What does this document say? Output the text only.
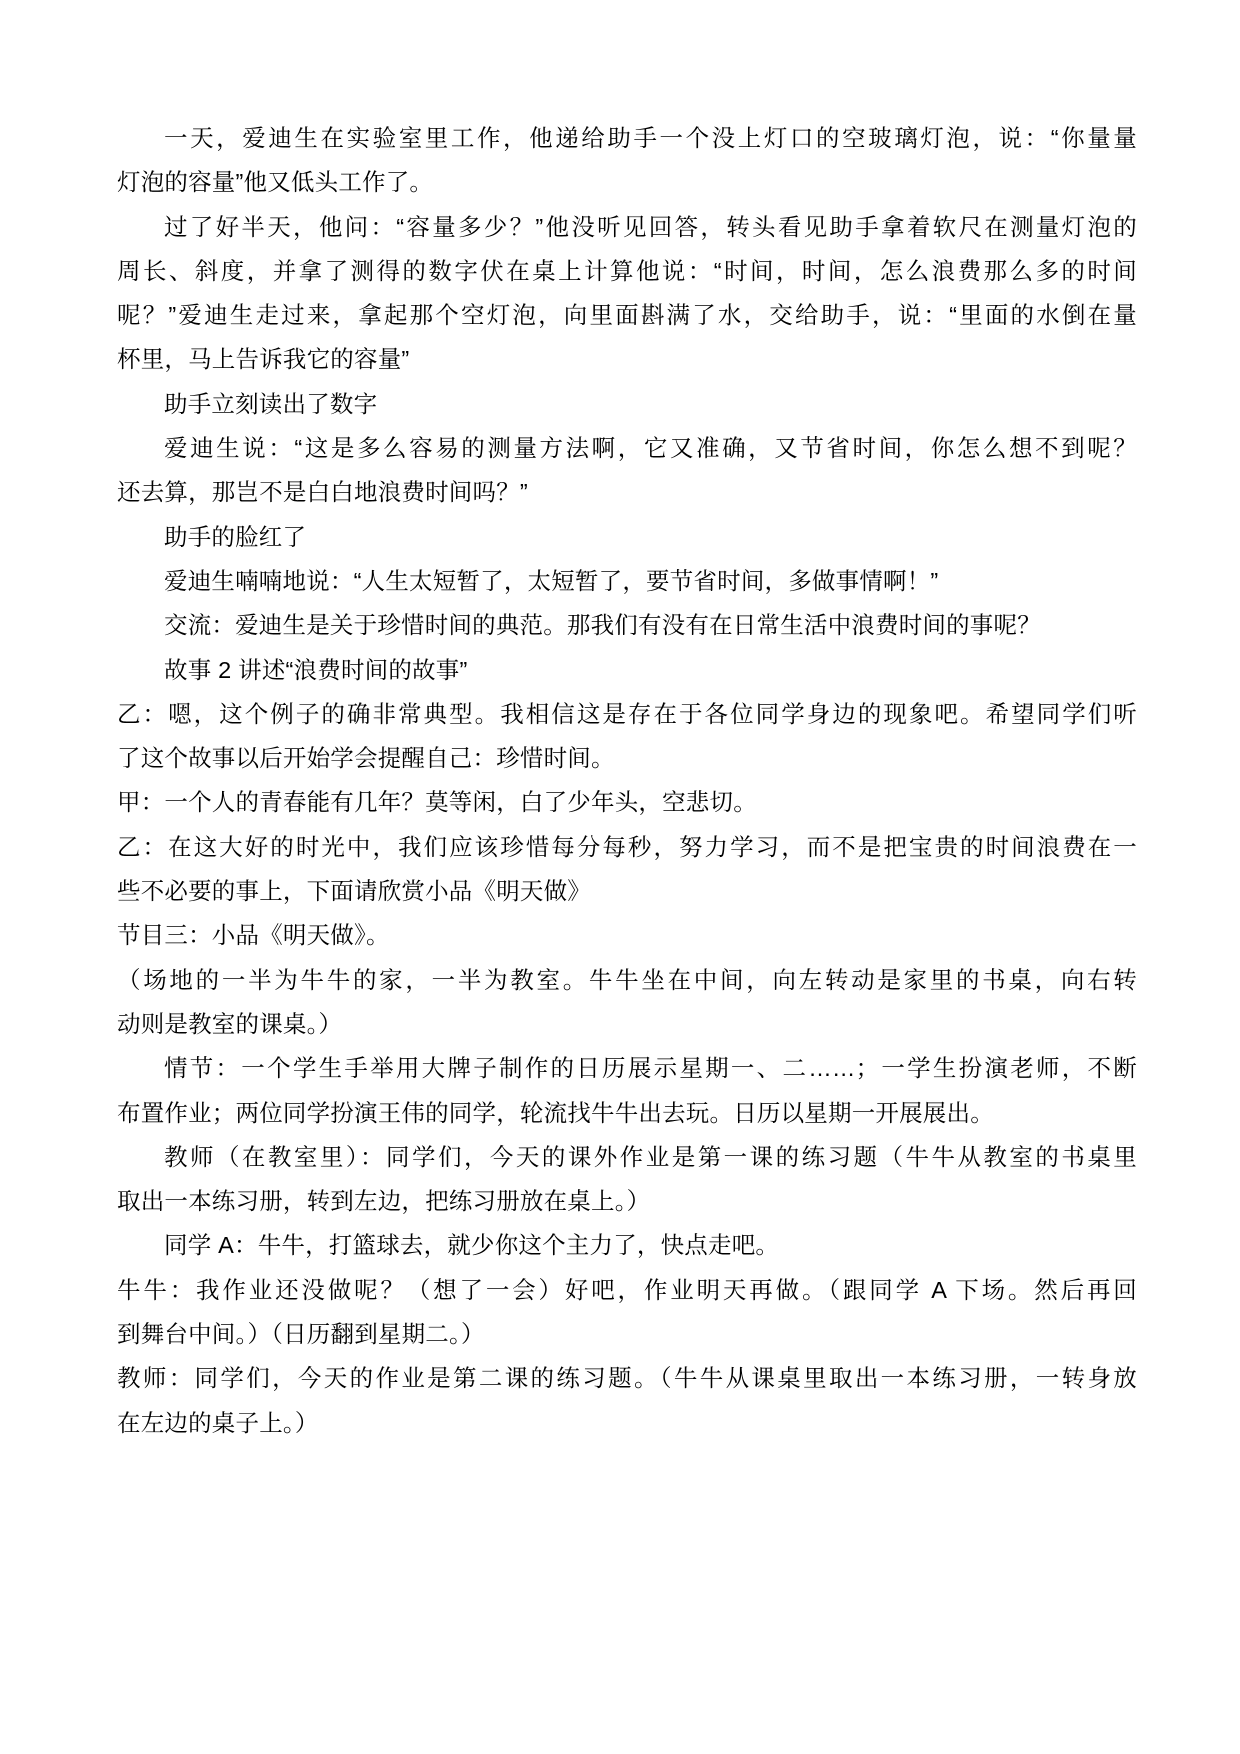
一天，爱迪生在实验室里工作，他递给助手一个没上灯口的空玻璃灯泡，说：“你量量
灯泡的容量”他又低头工作了。
过了好半天，他问：“容量多少？”他没听见回答，转头看见助手拿着软尺在测量灯泡的
周长、斜度，并拿了测得的数字伏在桌上计算他说：“时间，时间，怎么浪费那么多的时间
呢？”爱迪生走过来，拿起那个空灯泡，向里面斟满了水，交给助手，说：“里面的水倒在量
杯里，马上告诉我它的容量”
助手立刻读出了数字
爱迪生说：“这是多么容易的测量方法啊，它又准确，又节省时间，你怎么想不到呢？
还去算，那岂不是白白地浪费时间吗？”
助手的脸红了
爱迪生喃喃地说：“人生太短暂了，太短暂了，要节省时间，多做事情啊！”
交流：爱迪生是关于珍惜时间的典范。那我们有没有在日常生活中浪费时间的事呢？
故事 2 讲述“浪费时间的故事”
乙：嗯，这个例子的确非常典型。我相信这是存在于各位同学身边的现象吧。希望同学们听
了这个故事以后开始学会提醒自己：珍惜时间。
甲：一个人的青春能有几年？莫等闲，白了少年头，空悲切。
乙：在这大好的时光中，我们应该珍惜每分每秒，努力学习，而不是把宝贵的时间浪费在一
些不必要的事上，下面请欣赏小品《明天做》
节目三：小品《明天做》。
（场地的一半为牛牛的家，一半为教室。牛牛坐在中间，向左转动是家里的书桌，向右转
动则是教室的课桌。）
情节：一个学生手举用大牌子制作的日历展示星期一、二……；一学生扮演老师，不断
布置作业；两位同学扮演王伟的同学，轮流找牛牛出去玩。日历以星期一开展展出。
教师（在教室里）：同学们，今天的课外作业是第一课的练习题（牛牛从教室的书桌里
取出一本练习册，转到左边，把练习册放在桌上。）
同学 A：牛牛，打篮球去，就少你这个主力了，快点走吧。
牛牛：我作业还没做呢？（想了一会）好吧，作业明天再做。（跟同学 A 下场。然后再回
到舞台中间。）（日历翻到星期二。）
教师：同学们，今天的作业是第二课的练习题。（牛牛从课桌里取出一本练习册，一转身放
在左边的桌子上。）
